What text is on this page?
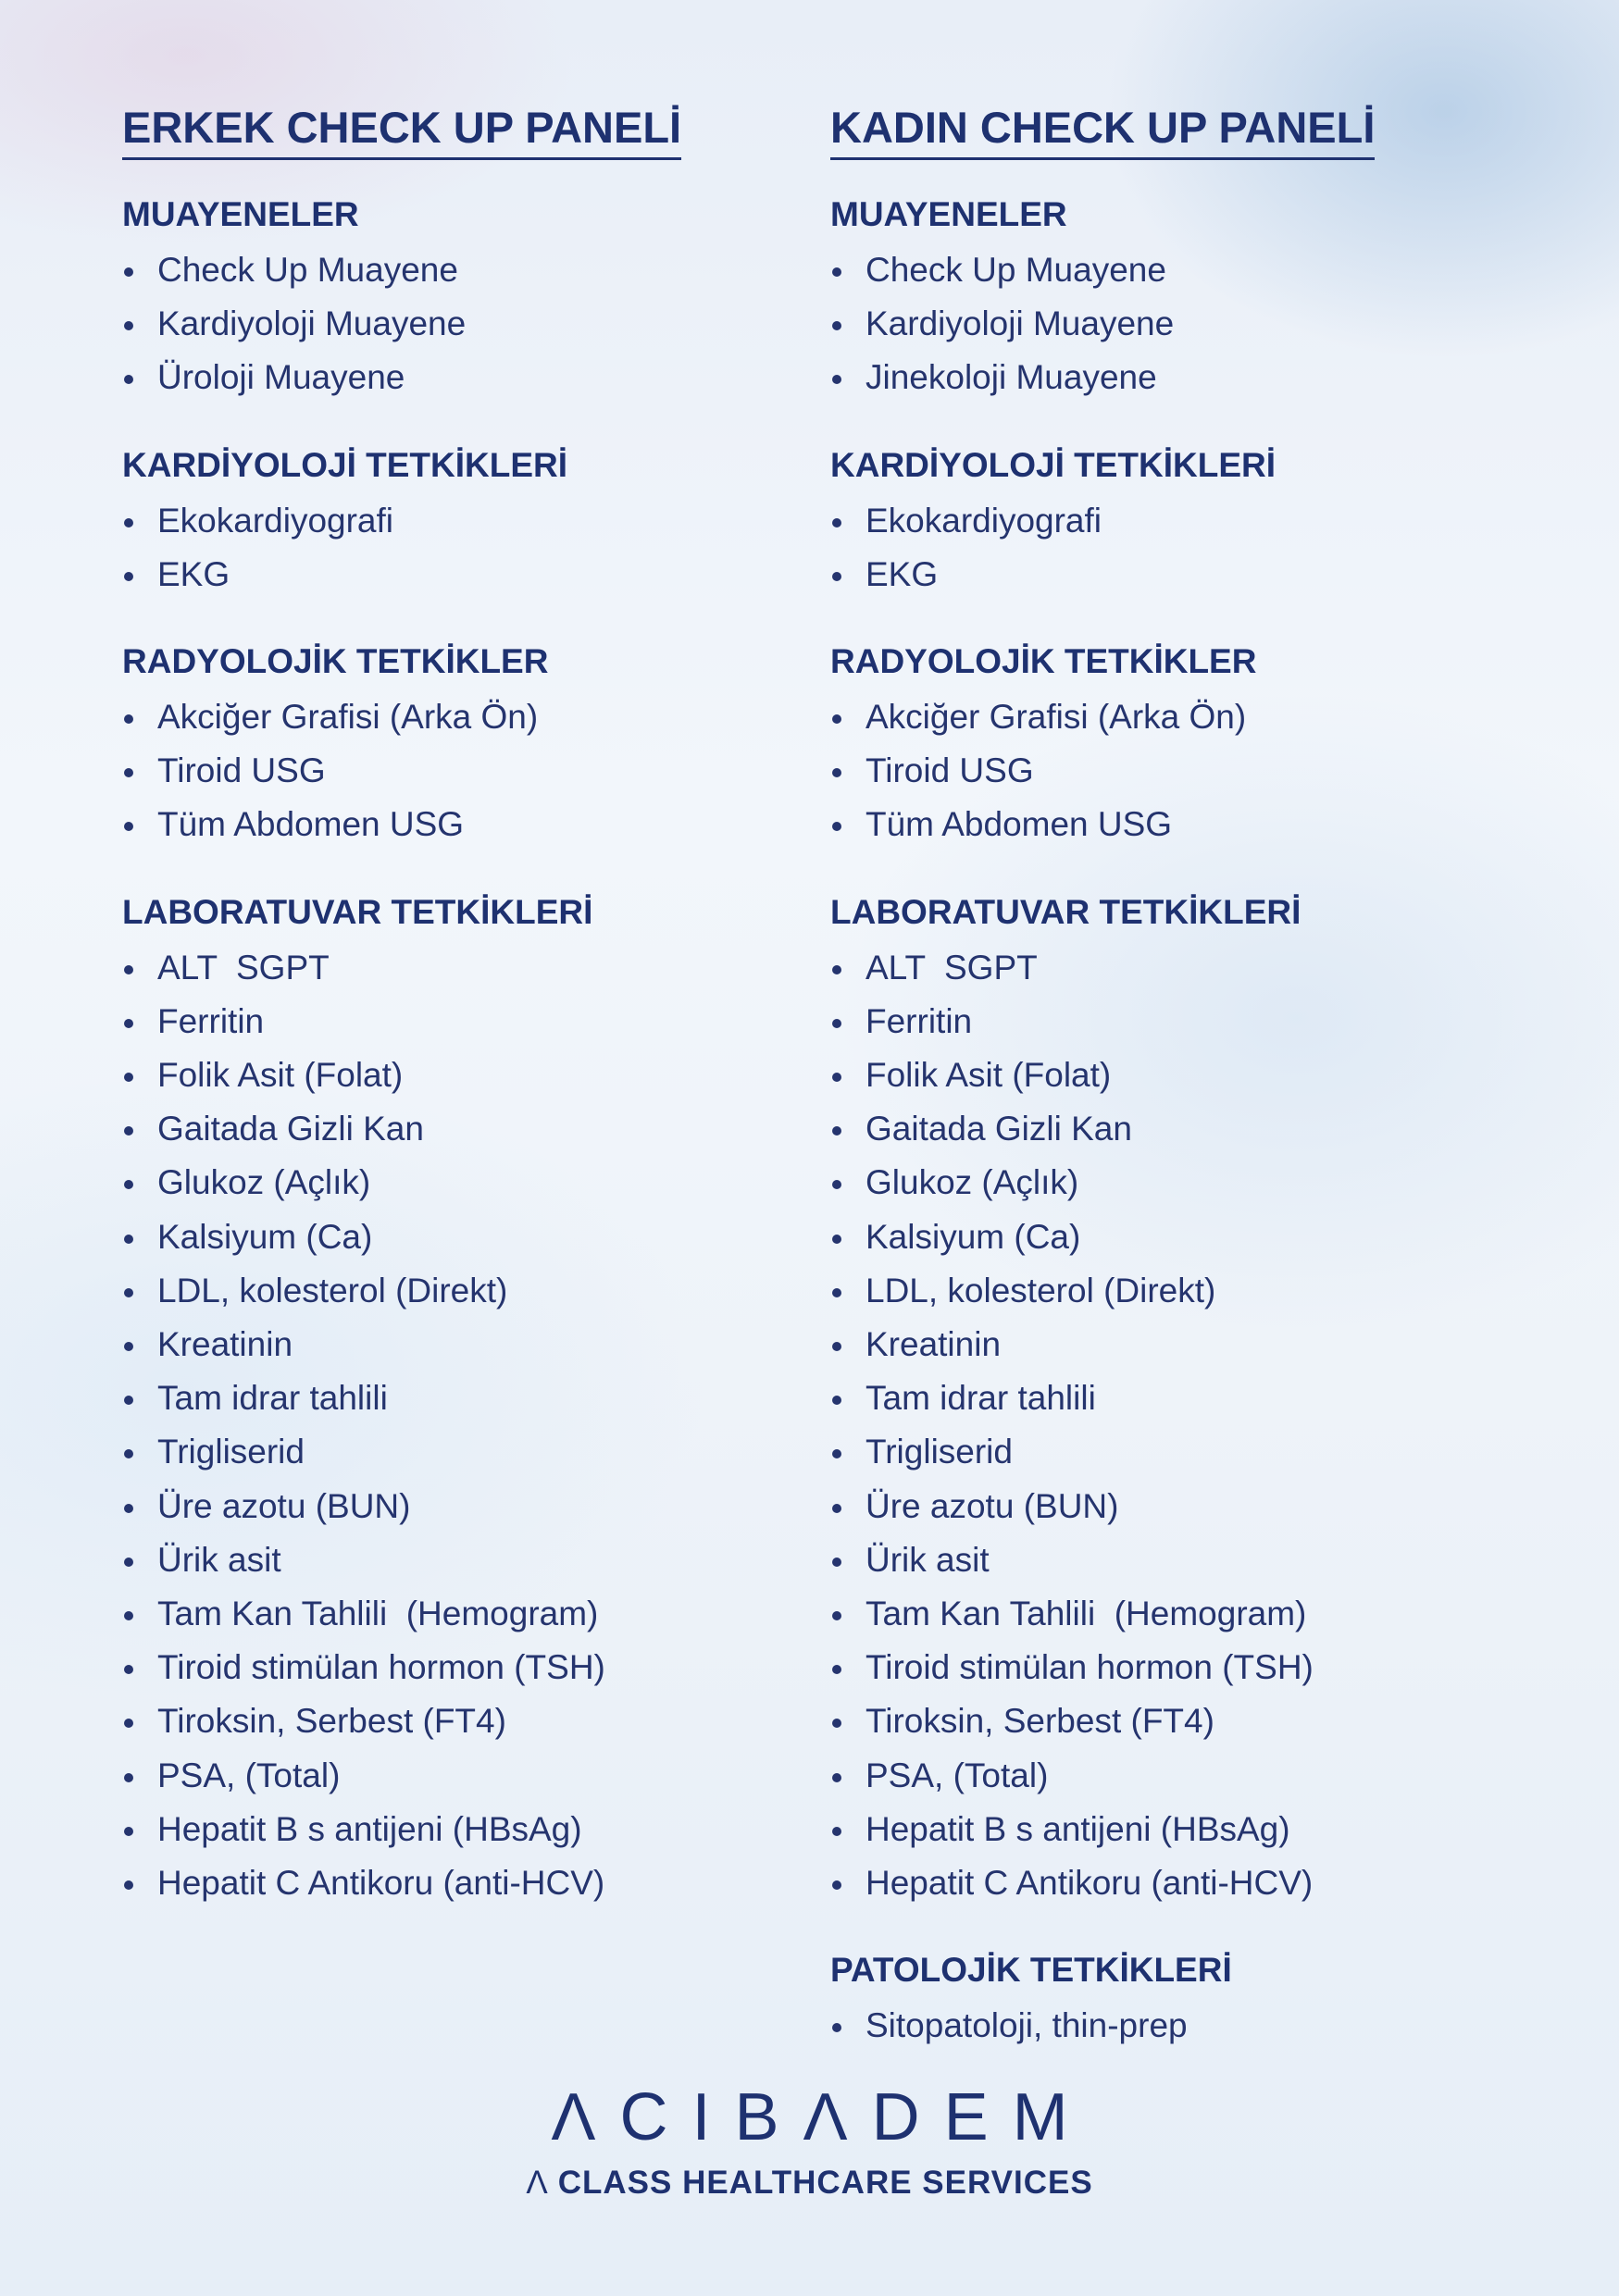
ERKEK CHECK UP PANELİ
MUAYENELER
Check Up Muayene
Kardiyoloji Muayene
Üroloji Muayene
KARDİYOLOJİ TETKİKLERİ
Ekokardiyografi
EKG
RADYOLOJİK TETKİKLER
Akciğer Grafisi (Arka Ön)
Tiroid USG
Tüm Abdomen USG
LABORATUVAR TETKİKLERİ
ALT  SGPT
Ferritin
Folik Asit (Folat)
Gaitada Gizli Kan
Glukoz (Açlık)
Kalsiyum (Ca)
LDL, kolesterol (Direkt)
Kreatinin
Tam idrar tahlili
Trigliserid
Üre azotu (BUN)
Ürik asit
Tam Kan Tahlili  (Hemogram)
Tiroid stimülan hormon (TSH)
Tiroksin, Serbest (FT4)
PSA, (Total)
Hepatit B s antijeni (HBsAg)
Hepatit C Antikoru (anti-HCV)
KADIN CHECK UP PANELİ
MUAYENELER
Check Up Muayene
Kardiyoloji Muayene
Jinekoloji Muayene
KARDİYOLOJİ TETKİKLERİ
Ekokardiyografi
EKG
RADYOLOJİK TETKİKLER
Akciğer Grafisi (Arka Ön)
Tiroid USG
Tüm Abdomen USG
LABORATUVAR TETKİKLERİ
ALT  SGPT
Ferritin
Folik Asit (Folat)
Gaitada Gizli Kan
Glukoz (Açlık)
Kalsiyum (Ca)
LDL, kolesterol (Direkt)
Kreatinin
Tam idrar tahlili
Trigliserid
Üre azotu (BUN)
Ürik asit
Tam Kan Tahlili  (Hemogram)
Tiroid stimülan hormon (TSH)
Tiroksin, Serbest (FT4)
PSA, (Total)
Hepatit B s antijeni (HBsAg)
Hepatit C Antikoru (anti-HCV)
PATOLOJİK TETKİKLERİ
Sitopatoloji, thin-prep
ΛCIBΛDEM
Λ CLASS HEALTHCARE SERVICES
